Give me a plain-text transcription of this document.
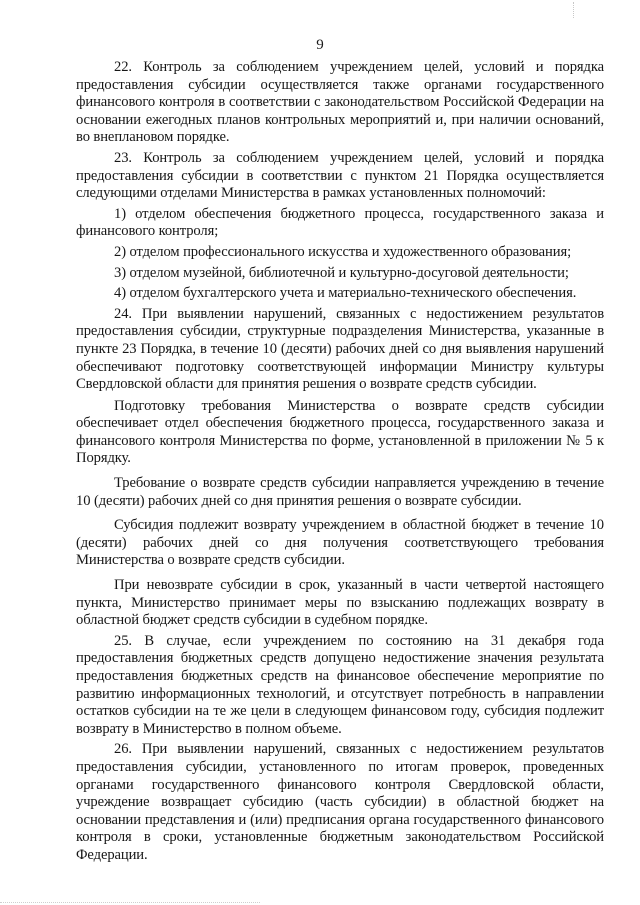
9

22. Контроль за соблюдением учреждением целей, условий и порядка предоставления субсидии осуществляется также органами государственного финансового контроля в соответствии с законодательством Российской Федерации на основании ежегодных планов контрольных мероприятий и, при наличии оснований, во внеплановом порядке.

23. Контроль за соблюдением учреждением целей, условий и порядка предоставления субсидии в соответствии с пунктом 21 Порядка осуществляется следующими отделами Министерства в рамках установленных полномочий:

1) отделом обеспечения бюджетного процесса, государственного заказа и финансового контроля;

2) отделом профессионального искусства и художественного образования;

3) отделом музейной, библиотечной и культурно-досуговой деятельности;

4) отделом бухгалтерского учета и материально-технического обеспечения.

24. При выявлении нарушений, связанных с недостижением результатов предоставления субсидии, структурные подразделения Министерства, указанные в пункте 23 Порядка, в течение 10 (десяти) рабочих дней со дня выявления нарушений обеспечивают подготовку соответствующей информации Министру культуры Свердловской области для принятия решения о возврате средств субсидии.

Подготовку требования Министерства о возврате средств субсидии обеспечивает отдел обеспечения бюджетного процесса, государственного заказа и финансового контроля Министерства по форме, установленной в приложении № 5 к Порядку.

Требование о возврате средств субсидии направляется учреждению в течение 10 (десяти) рабочих дней со дня принятия решения о возврате субсидии.

Субсидия подлежит возврату учреждением в областной бюджет в течение 10 (десяти) рабочих дней со дня получения соответствующего требования Министерства о возврате средств субсидии.

При невозврате субсидии в срок, указанный в части четвертой настоящего пункта, Министерство принимает меры по взысканию подлежащих возврату в областной бюджет средств субсидии в судебном порядке.

25. В случае, если учреждением по состоянию на 31 декабря года предоставления бюджетных средств допущено недостижение значения результата предоставления бюджетных средств на финансовое обеспечение мероприятие по развитию информационных технологий, и отсутствует потребность в направлении остатков субсидии на те же цели в следующем финансовом году, субсидия подлежит возврату в Министерство в полном объеме.

26. При выявлении нарушений, связанных с недостижением результатов предоставления субсидии, установленного по итогам проверок, проведенных органами государственного финансового контроля Свердловской области, учреждение возвращает субсидию (часть субсидии) в областной бюджет на основании представления и (или) предписания органа государственного финансового контроля в сроки, установленные бюджетным законодательством Российской Федерации.
